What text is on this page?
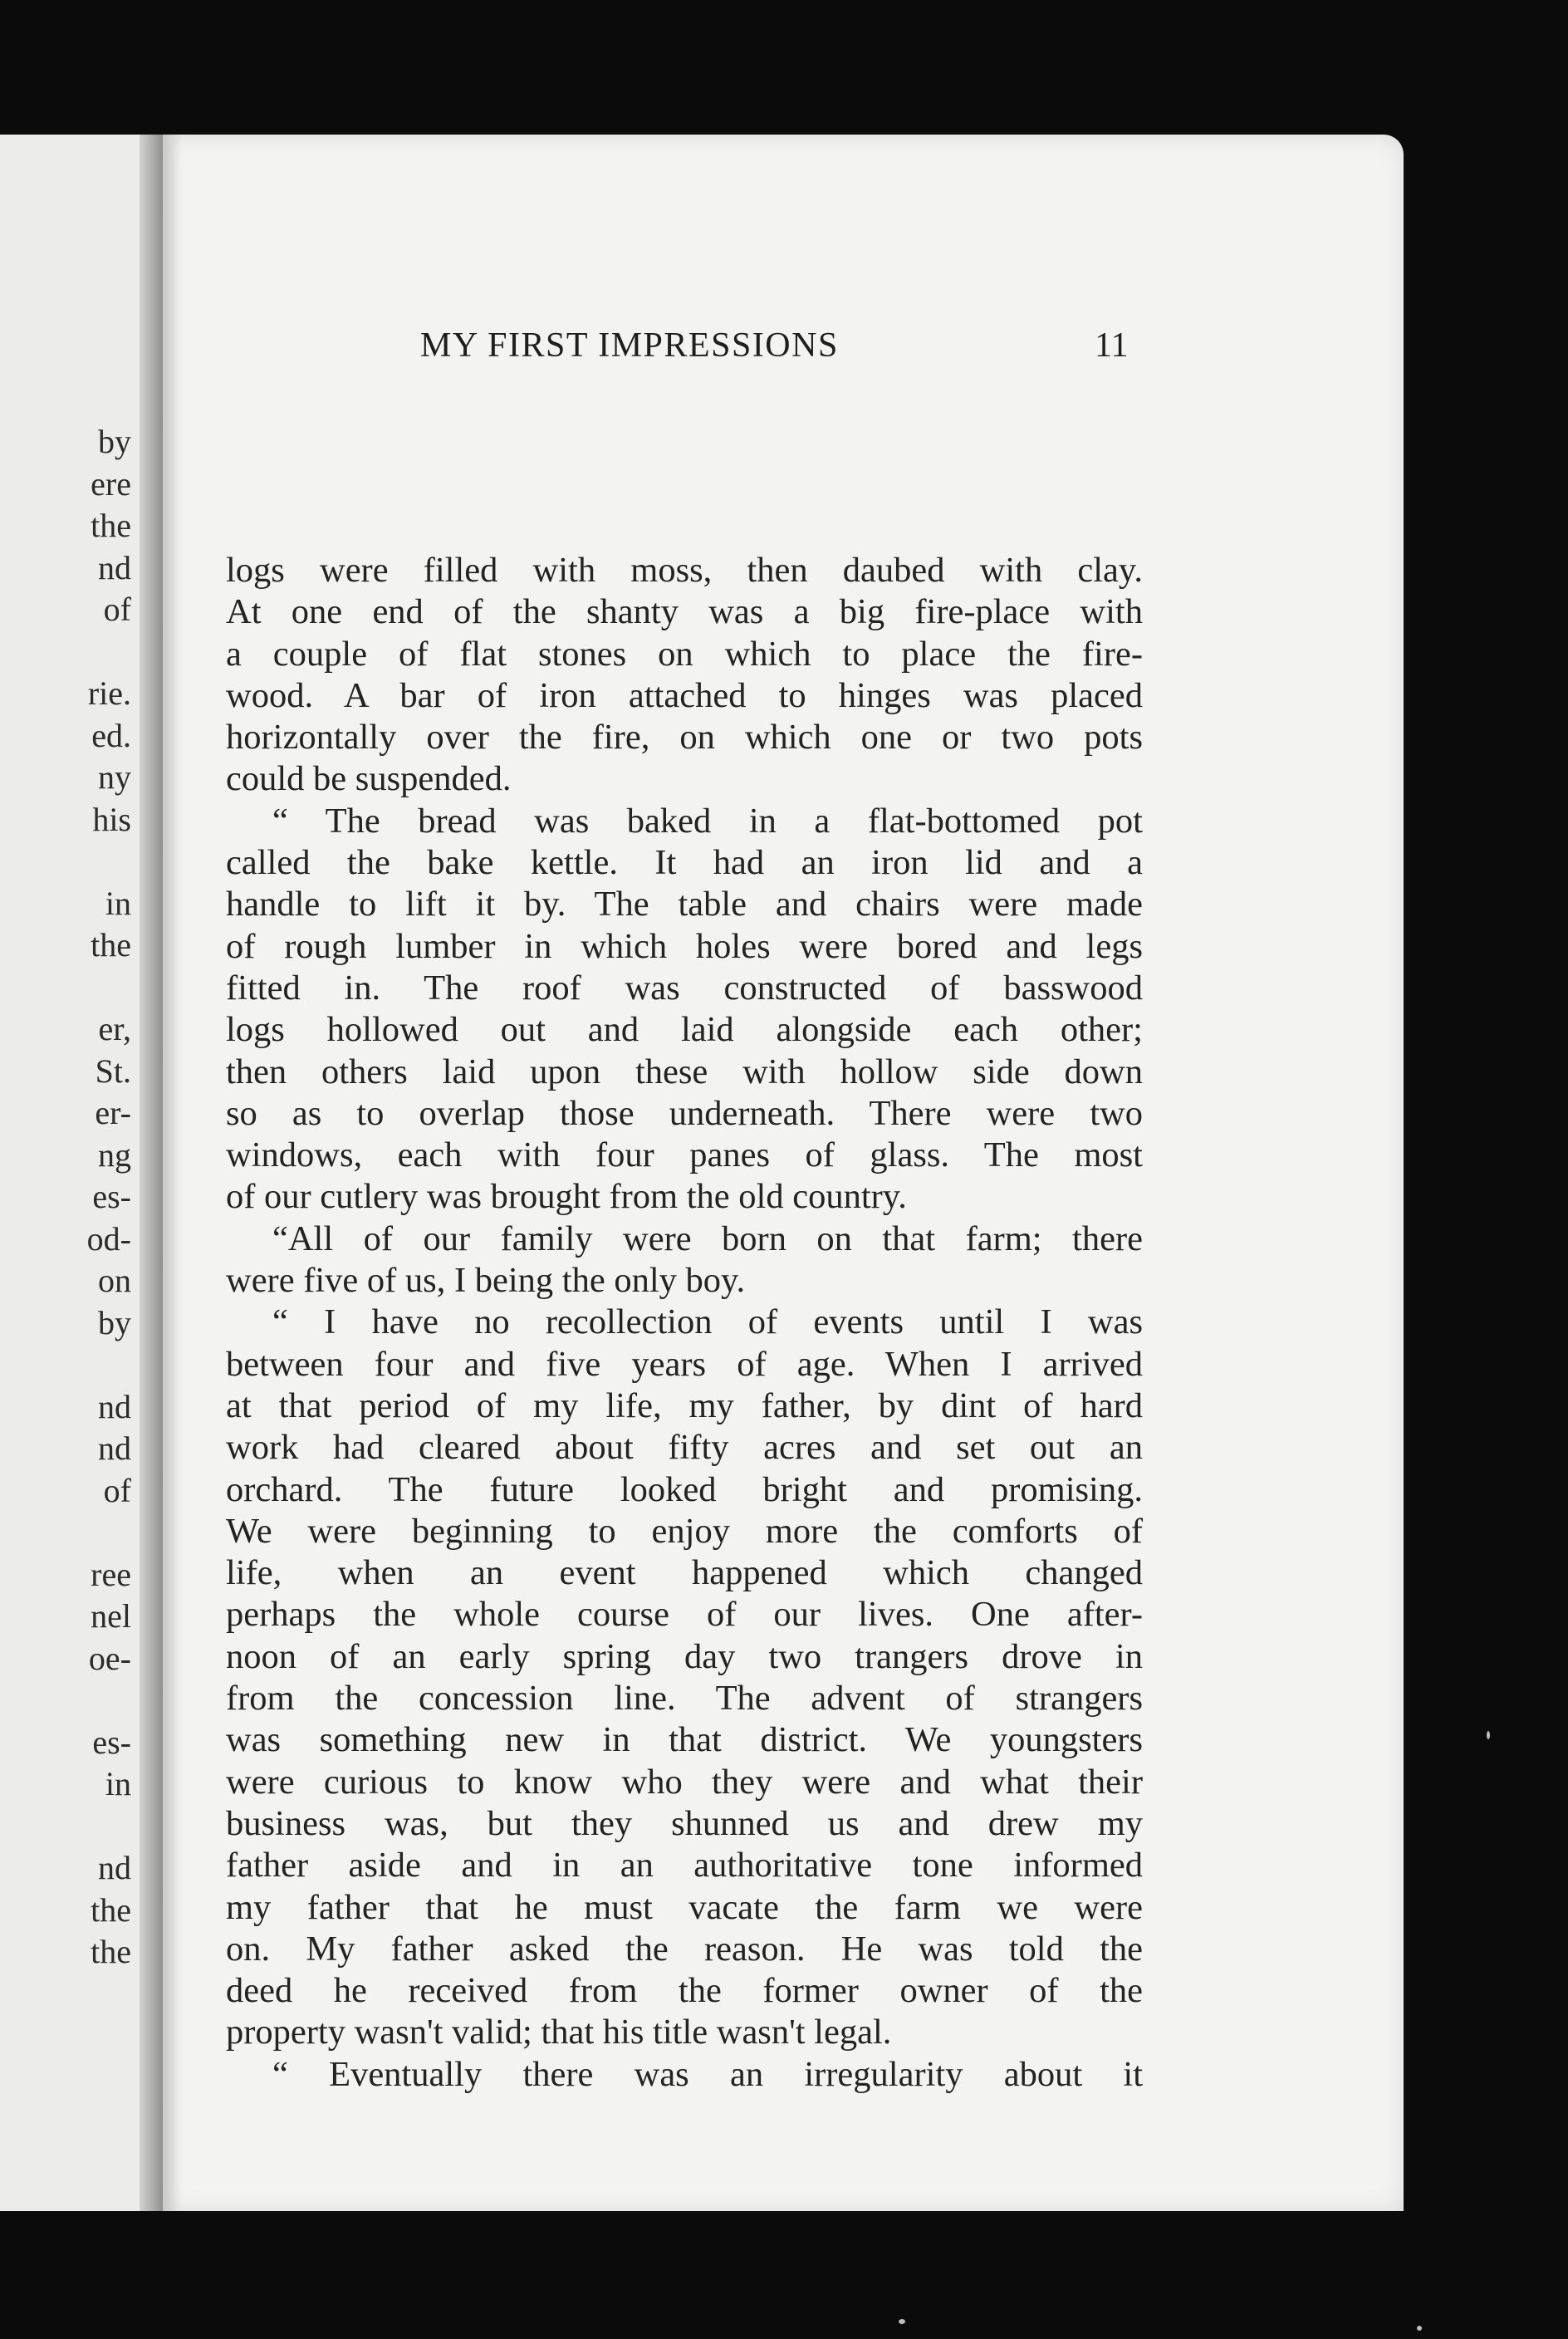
by
ere
the
nd
of
rie.
ed.
ny
his
in
the
er,
St.
er-
ng
es-
od-
on
by
nd
nd
of
ree
nel
oe-
es-
in
nd
the
the
MY FIRST IMPRESSIONS	11
logs were filled with moss, then daubed with clay.
At one end of the shanty was a big fire-place with
a couple of flat stones on which to place the fire-
wood. A bar of iron attached to hinges was placed
horizontally over the fire, on which one or two pots
could be suspended.
“ The bread was baked in a flat-bottomed pot
called the bake kettle. It had an iron lid and a
handle to lift it by. The table and chairs were made
of rough lumber in which holes were bored and legs
fitted in. The roof was constructed of basswood
logs hollowed out and laid alongside each other;
then others laid upon these with hollow side down
so as to overlap those underneath. There were two
windows, each with four panes of glass. The most
of our cutlery was brought from the old country.
“All of our family were born on that farm; there
were five of us, I being the only boy.
“ I have no recollection of events until I was
between four and five years of age. When I arrived
at that period of my life, my father, by dint of hard
work had cleared about fifty acres and set out an
orchard. The future looked bright and promising.
We were beginning to enjoy more the comforts of
life, when an event happened which changed
perhaps the whole course of our lives. One after-
noon of an early spring day two trangers drove in
from the concession line. The advent of strangers
was something new in that district. We youngsters
were curious to know who they were and what their
business was, but they shunned us and drew my
father aside and in an authoritative tone informed
my father that he must vacate the farm we were
on. My father asked the reason. He was told the
deed he received from the former owner of the
property wasn't valid; that his title wasn't legal.
“ Eventually there was an irregularity about it
